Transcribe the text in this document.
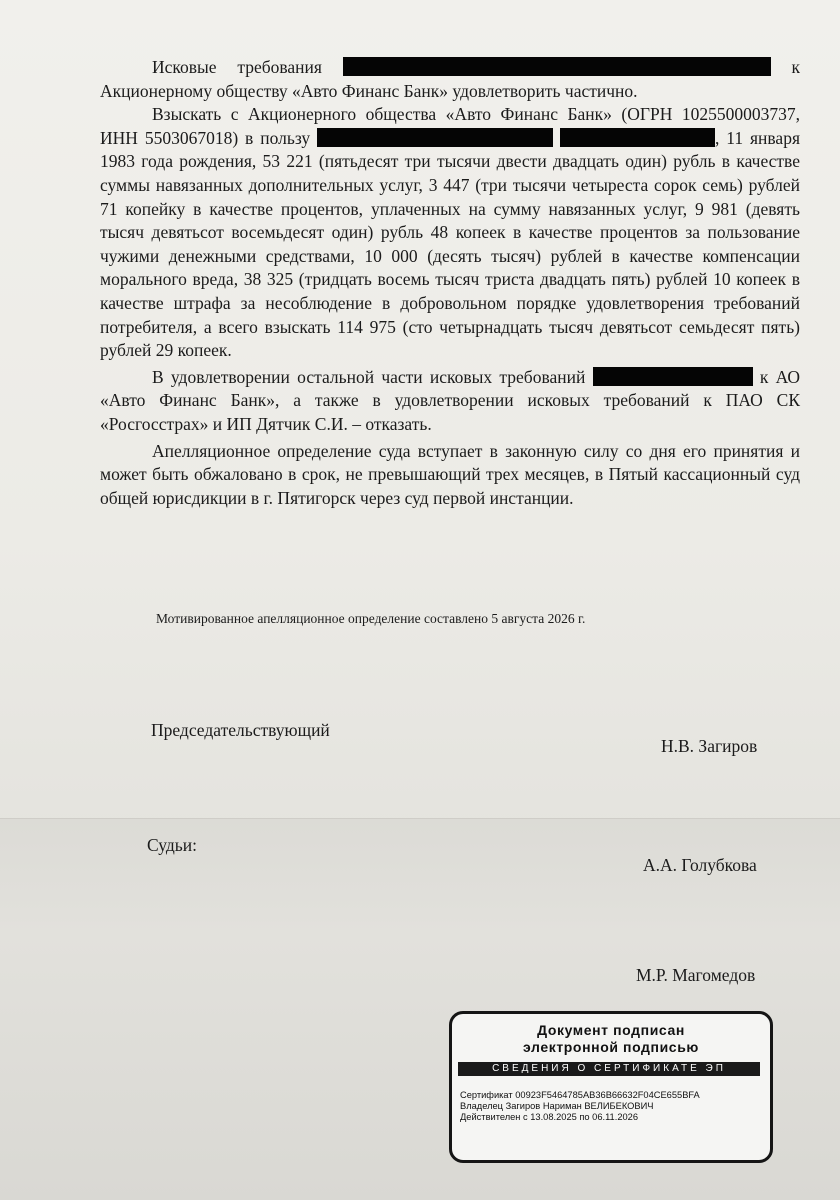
Исковые требования	к Акционерному обществу «Авто Финанс Банк» удовлетворить частично.

Взыскать с Акционерного общества «Авто Финанс Банк» (ОГРН 1025500003737, ИНН 5503067018) в пользу	, 11 января 1983 года рождения, 53 221 (пятьдесят три тысячи двести двадцать один) рубль в качестве суммы навязанных дополнительных услуг, 3 447 (три тысячи четыреста сорок семь) рублей 71 копейку в качестве процентов, уплаченных на сумму навязанных услуг, 9 981 (девять тысяч девятьсот восемьдесят один) рубль 48 копеек в качестве процентов за пользование чужими денежными средствами, 10 000 (десять тысяч) рублей в качестве компенсации морального вреда, 38 325 (тридцать восемь тысяч триста двадцать пять) рублей 10 копеек в качестве штрафа за несоблюдение в добровольном порядке удовлетворения требований потребителя, а всего взыскать 114 975 (сто четырнадцать тысяч девятьсот семьдесят пять) рублей 29 копеек.

В удовлетворении остальной части исковых требований	к АО «Авто Финанс Банк», а также в удовлетворении исковых требований к ПАО СК «Росгосстрах» и ИП Дятчик С.И. – отказать.

Апелляционное определение суда вступает в законную силу со дня его принятия и может быть обжаловано в срок, не превышающий трех месяцев, в Пятый кассационный суд общей юрисдикции в г. Пятигорск через суд первой инстанции.

Мотивированное апелляционное определение составлено 5 августа 2026 г.
Председательствующий
Н.В. Загиров
Судьи:
А.А. Голубкова
М.Р. Магомедов
Документ подписан
электронной подписью
СВЕДЕНИЯ О СЕРТИФИКАТЕ ЭП
Сертификат 00923F5464785AB36B66632F04CE655BFA
Владелец Загиров Нариман ВЕЛИБЕКОВИЧ
Действителен с 13.08.2025 по 06.11.2026
